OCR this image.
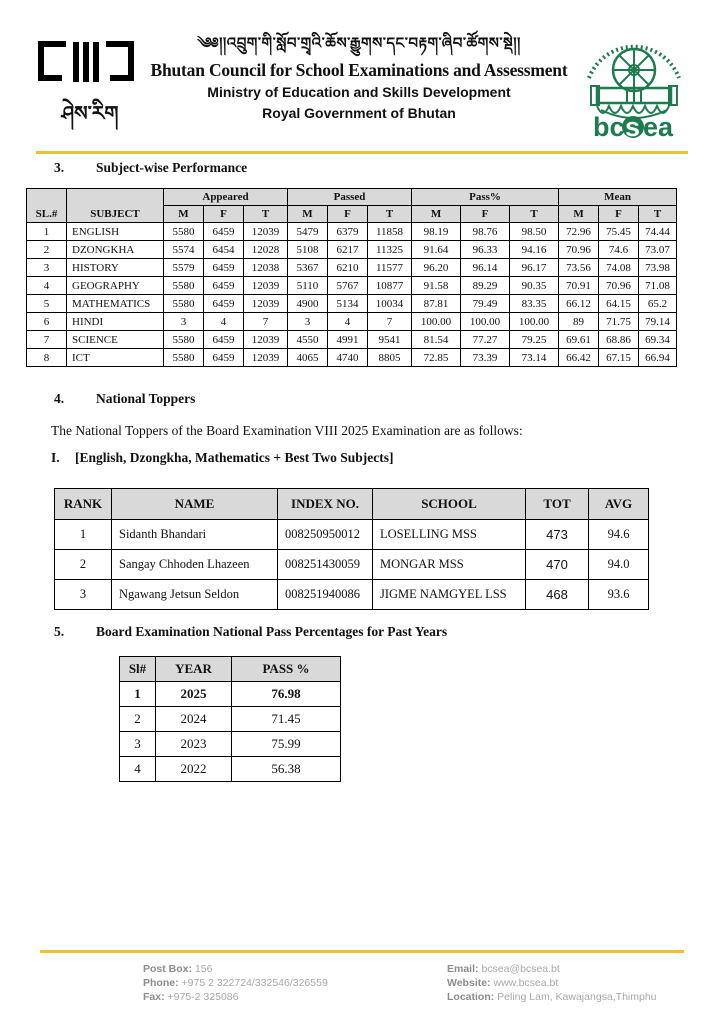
ཤེས་རིག
༄༅།།འབྲུག་གི་སློབ་གྲྭའི་ཆོས་རྒྱུགས་དང་བརྟག་ཞིབ་ཚོགས་སྡེ།།
Bhutan Council for School Examinations and Assessment
Ministry of Education and Skills Development
Royal Government of Bhutan	bc s ea
3.	Subject-wise Performance
SL.#	SUBJECT	Appeared			Passed			Pass%			Mean		
		M	F	T	M	F	T	M	F	T	M	F	T
1	ENGLISH	5580	6459	12039	5479	6379	11858	98.19	98.76	98.50	72.96	75.45	74.44
2	DZONGKHA	5574	6454	12028	5108	6217	11325	91.64	96.33	94.16	70.96	74.6	73.07
3	HISTORY	5579	6459	12038	5367	6210	11577	96.20	96.14	96.17	73.56	74.08	73.98
4	GEOGRAPHY	5580	6459	12039	5110	5767	10877	91.58	89.29	90.35	70.91	70.96	71.08
5	MATHEMATICS	5580	6459	12039	4900	5134	10034	87.81	79.49	83.35	66.12	64.15	65.2
6	HINDI	3	4	7	3	4	7	100.00	100.00	100.00	89	71.75	79.14
7	SCIENCE	5580	6459	12039	4550	4991	9541	81.54	77.27	79.25	69.61	68.86	69.34
8	ICT	5580	6459	12039	4065	4740	8805	72.85	73.39	73.14	66.42	67.15	66.94
4.	National Toppers
The National Toppers of the Board Examination VIII 2025 Examination are as follows:
I.	[English, Dzongkha, Mathematics + Best Two Subjects]
RANK	NAME	INDEX NO.	SCHOOL	TOT	AVG
1	Sidanth Bhandari	008250950012	LOSELLING MSS	473	94.6
2	Sangay Chhoden Lhazeen	008251430059	MONGAR MSS	470	94.0
3	Ngawang Jetsun Seldon	008251940086	JIGME NAMGYEL LSS	468	93.6
5.	Board Examination National Pass Percentages for Past Years
Sl#	YEAR	PASS %
1	2025	76.98
2	2024	71.45
3	2023	75.99
4	2022	56.38
Post Box: 156
Phone: +975 2 322724/332546/326559
Fax: +975-2 325086
Email: bcsea@bcsea.bt
Website: www.bcsea.bt
Location: Peling Lam, Kawajangsa,Thimphu
